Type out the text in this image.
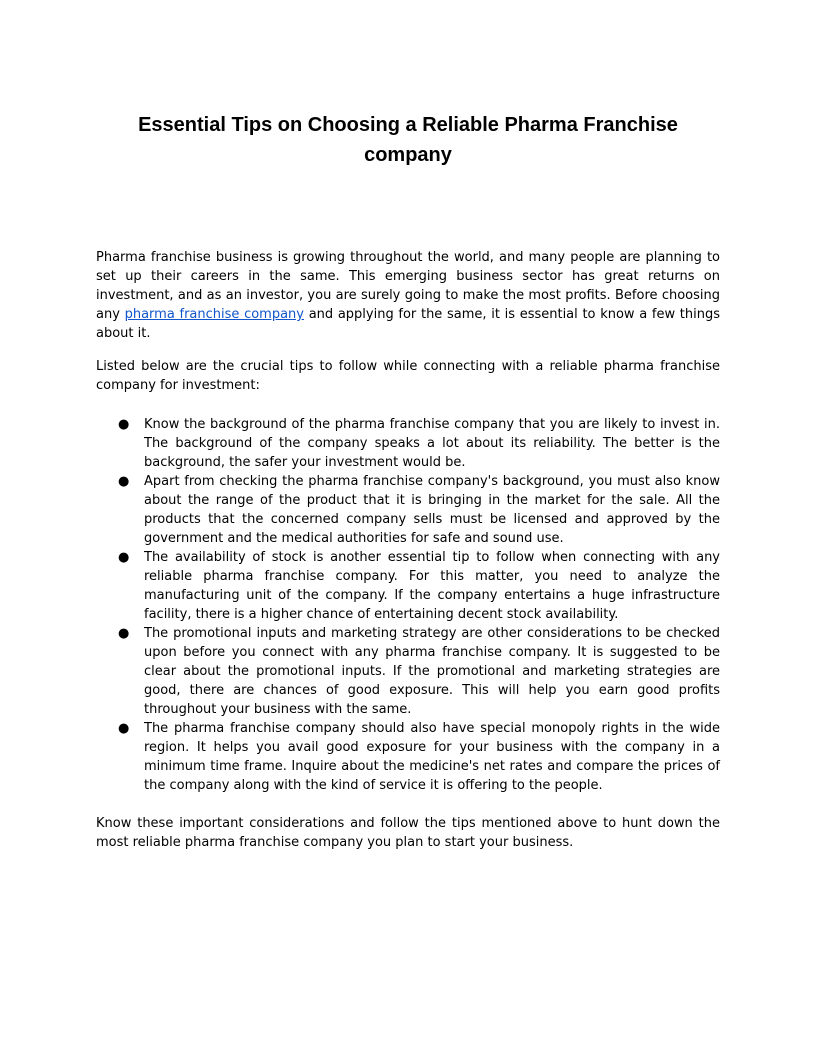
Essential Tips on Choosing a Reliable Pharma Franchise company

Pharma franchise business is growing throughout the world, and many people are planning to set up their careers in the same. This emerging business sector has great returns on investment, and as an investor, you are surely going to make the most profits. Before choosing any pharma franchise company and applying for the same, it is essential to know a few things about it.

Listed below are the crucial tips to follow while connecting with a reliable pharma franchise company for investment:

● Know the background of the pharma franchise company that you are likely to invest in. The background of the company speaks a lot about its reliability. The better is the background, the safer your investment would be.
● Apart from checking the pharma franchise company's background, you must also know about the range of the product that it is bringing in the market for the sale. All the products that the concerned company sells must be licensed and approved by the government and the medical authorities for safe and sound use.
● The availability of stock is another essential tip to follow when connecting with any reliable pharma franchise company. For this matter, you need to analyze the manufacturing unit of the company. If the company entertains a huge infrastructure facility, there is a higher chance of entertaining decent stock availability.
● The promotional inputs and marketing strategy are other considerations to be checked upon before you connect with any pharma franchise company. It is suggested to be clear about the promotional inputs. If the promotional and marketing strategies are good, there are chances of good exposure. This will help you earn good profits throughout your business with the same.
● The pharma franchise company should also have special monopoly rights in the wide region. It helps you avail good exposure for your business with the company in a minimum time frame. Inquire about the medicine's net rates and compare the prices of the company along with the kind of service it is offering to the people.

Know these important considerations and follow the tips mentioned above to hunt down the most reliable pharma franchise company you plan to start your business.
